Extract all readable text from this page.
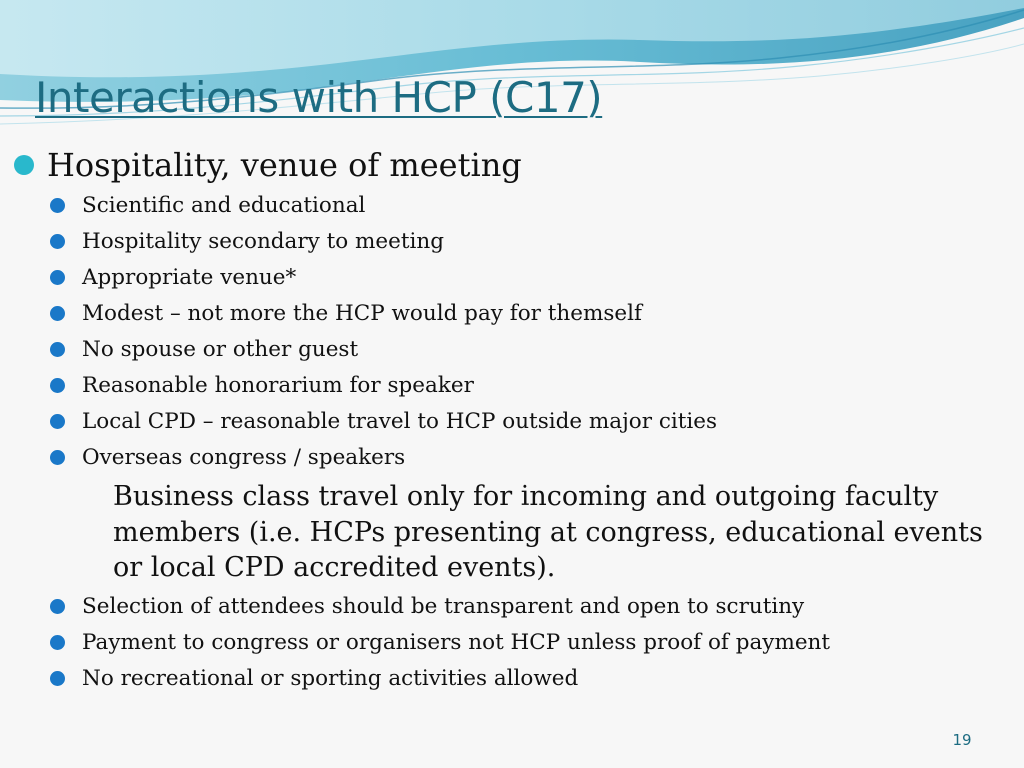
Interactions with HCP (C17)
Hospitality, venue of meeting
Scientific and educational
Hospitality secondary to meeting
Appropriate venue*
Modest – not more the HCP would pay for themself
No spouse or other guest
Reasonable honorarium for speaker
Local CPD – reasonable travel to HCP outside major cities
Overseas congress / speakers
Business class travel only for incoming and outgoing faculty members (i.e. HCPs presenting at congress, educational events or local CPD accredited events).
Selection of attendees should be transparent and open to scrutiny
Payment to congress or organisers not HCP unless proof of payment
No recreational or sporting activities allowed
19
